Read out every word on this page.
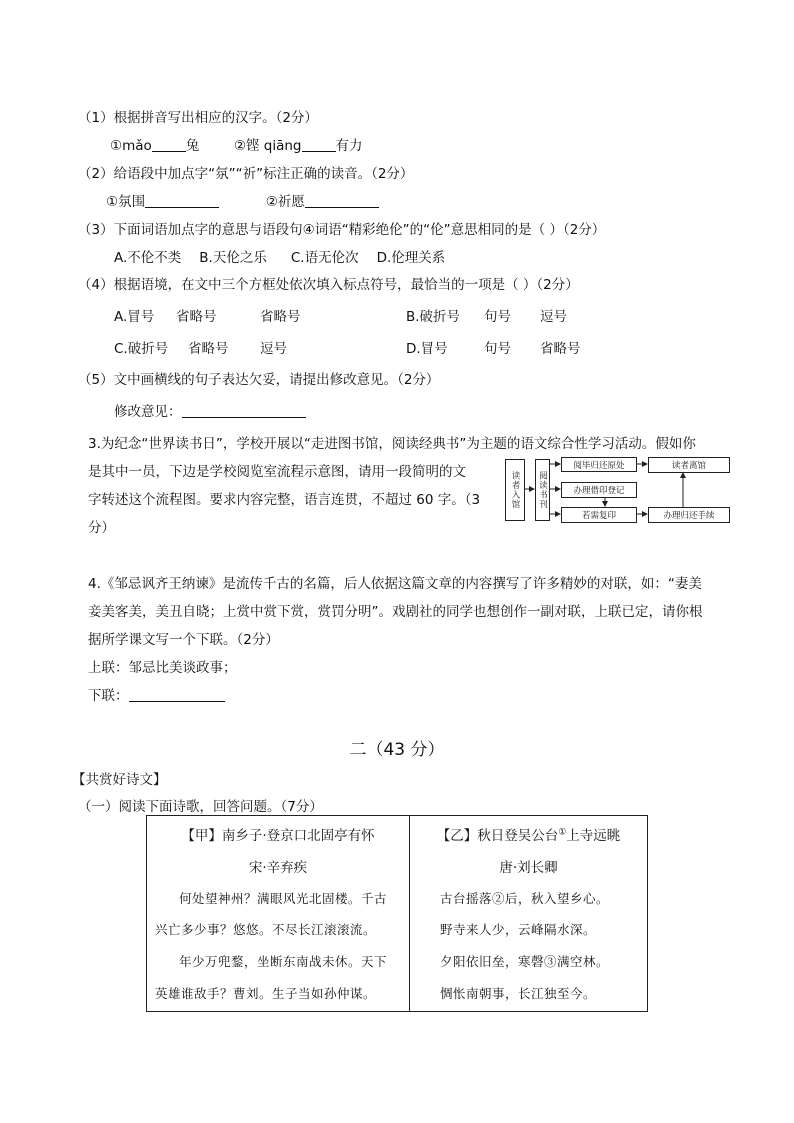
（1）根据拼音写出相应的汉字。（2分）
①mǎo	兔	②铿 qiāng	有力
（2）给语段中加点字“氛”“祈”标注正确的读音。（2分）
①氛围	②祈愿
（3）下面词语加点字的意思与语段句④词语“精彩绝伦”的“伦”意思相同的是（ ）（2分）
A.不伦不类 B.天伦之乐 C.语无伦次 D.伦理关系
（4）根据语境，在文中三个方框处依次填入标点符号，最恰当的一项是（ ）（2分）
A.冒号 省略号	省略号	B.破折号 句号 逗号
C.破折号 省略号 逗号	D.冒号	句号 省略号
（5）文中画横线的句子表达欠妥，请提出修改意见。（2分）
修改意见：
3.为纪念“世界读书日”，学校开展以“走进图书馆，阅读经典书”为主题的语文综合性学习活动。假如你
是其中一员，下边是学校阅览室流程示意图，请用一段简明的文
字转述这个流程图。要求内容完整，语言连贯，不超过 60 字。（3
分）
读者入馆	阅读书刊
阅毕归还原处
办理借印登记
若需复印
读者离馆
办理归还手续
4.《邹忌讽齐王纳谏》是流传千古的名篇，后人依据这篇文章的内容撰写了许多精妙的对联，如：“妻美
妾美客美，美丑自晓；上赏中赏下赏，赏罚分明”。戏剧社的同学也想创作一副对联，上联已定，请你根
据所学课文写一个下联。（2分）
上联：邹忌比美谈政事；
下联：
二（43 分）
【共赏好诗文】
（一）阅读下面诗歌，回答问题。（7分）
【甲】南乡子·登京口北固亭有怀
宋·辛弃疾
何处望神州？满眼风光北固楼。千古
兴亡多少事？悠悠。不尽长江滚滚流。
年少万兜鍪，坐断东南战未休。天下
英雄谁敌手？曹刘。生子当如孙仲谋。
【乙】秋日登吴公台①上寺远眺
唐·刘长卿
古台摇落②后，秋入望乡心。
野寺来人少，云峰隔水深。
夕阳依旧垒，寒磬③满空林。
惆怅南朝事，长江独至今。
